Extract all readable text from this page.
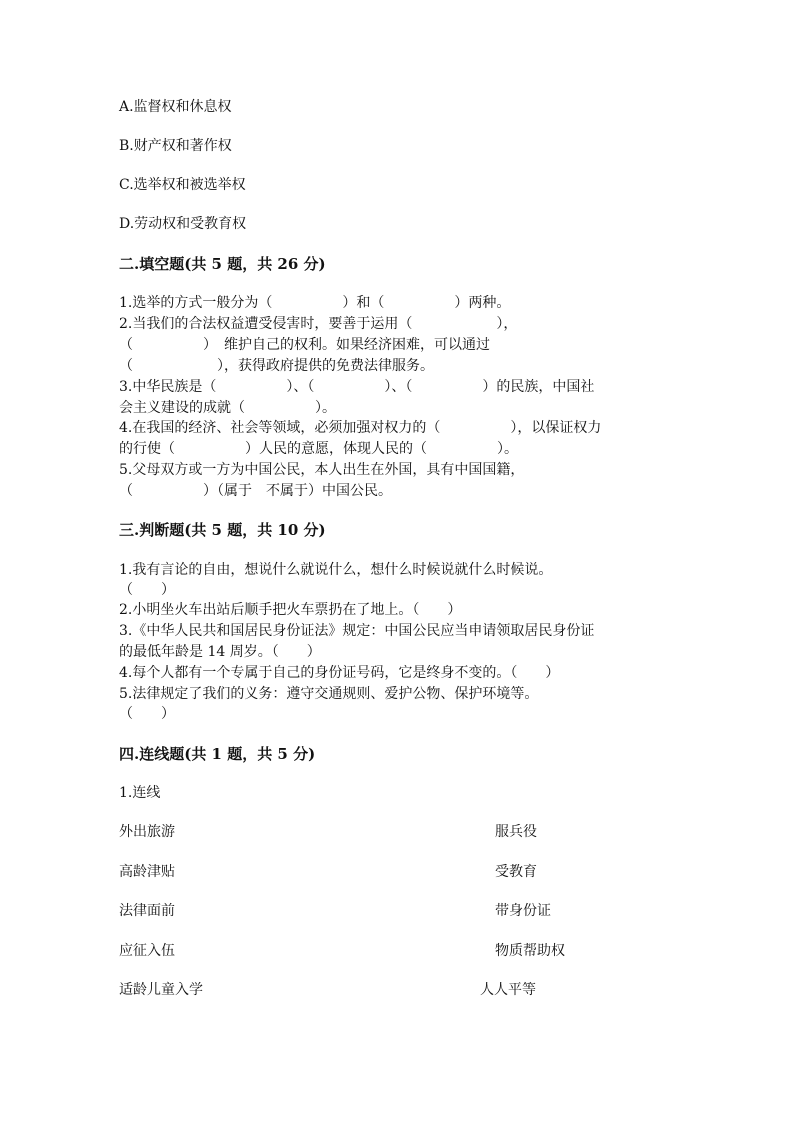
A.监督权和休息权
B.财产权和著作权
C.选举权和被选举权
D.劳动权和受教育权
二.填空题(共 5 题，共 26 分)
1.选举的方式一般分为（　　　　　）和（　　　　　）两种。
2.当我们的合法权益遭受侵害时，要善于运用（　　　　　　），
（　　　　　）　维护自己的权利。如果经济困难，可以通过
（　　　　　　），获得政府提供的免费法律服务。
3.中华民族是（　　　　　）、（　　　　　）、（　　　　　）的民族，中国社
会主义建设的成就（　　　　　）。
4.在我国的经济、社会等领域，必须加强对权力的（　　　　　），以保证权力
的行使（　　　　　）人民的意愿，体现人民的（　　　　　）。
5.父母双方或一方为中国公民，本人出生在外国，具有中国国籍，
（　　　　　）（属于　不属于）中国公民。
三.判断题(共 5 题，共 10 分)
1.我有言论的自由，想说什么就说什么，想什么时候说就什么时候说。
（　　）
2.小明坐火车出站后顺手把火车票扔在了地上。（　　）
3.《中华人民共和国居民身份证法》规定：中国公民应当申请领取居民身份证
的最低年龄是 14 周岁。（　　）
4.每个人都有一个专属于自己的身份证号码，它是终身不变的。（　　）
5.法律规定了我们的义务：遵守交通规则、爱护公物、保护环境等。
（　　）
四.连线题(共 1 题，共 5 分)
1.连线
外出旅游	服兵役
高龄津贴	受教育
法律面前	带身份证
应征入伍	物质帮助权
适龄儿童入学	人人平等
